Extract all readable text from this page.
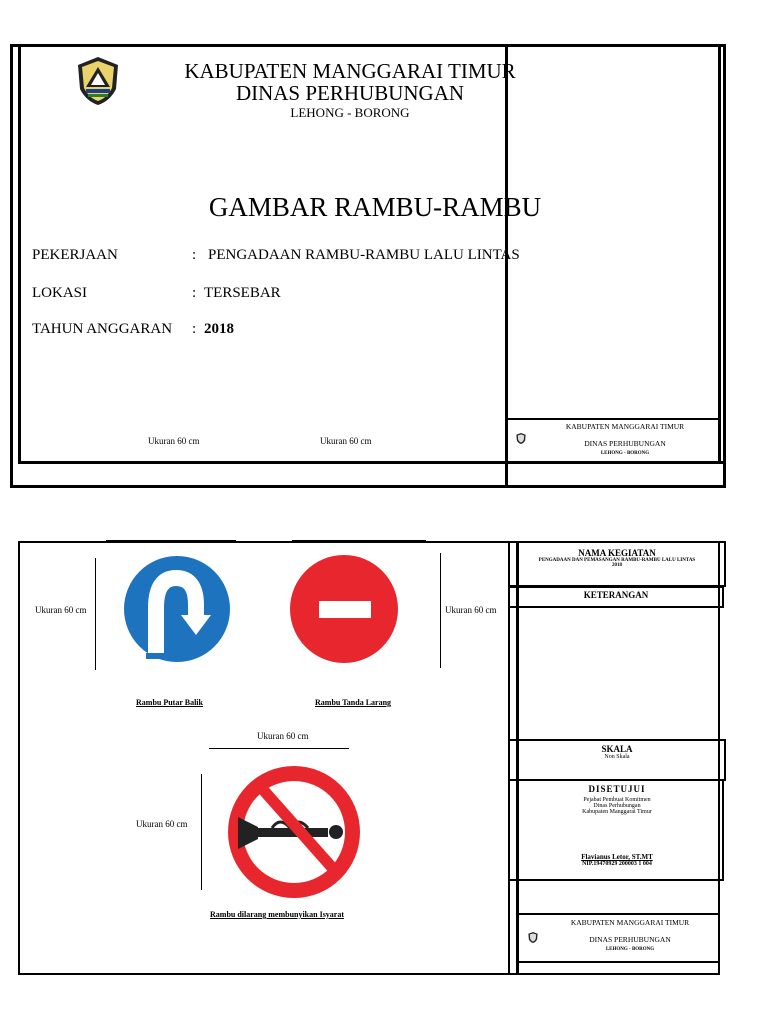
KABUPATEN MANGGARAI TIMUR
DINAS PERHUBUNGAN
LEHONG - BORONG
GAMBAR RAMBU-RAMBU
PEKERJAAN	: PENGADAAN RAMBU-RAMBU LALU LINTAS
LOKASI	: TERSEBAR
TAHUN ANGGARAN : 2018
Ukuran 60 cm	Ukuran 60 cm
KABUPATEN MANGGARAI TIMUR
DINAS PERHUBUNGAN
LEHONG - BORONG
NAMA KEGIATAN
PENGADAAN DAN PEMASANGAN RAMBU-RAMBU LALU LINTAS
2018
KETERANGAN
SKALA
Non Skala
DISETUJUI
Pejabat Pembuat Komitmen
Dinas Perhubungan
Kabupaten Manggarai Timur
Flavianus Letor, ST.MT
NIP.19470929 200003 1 004
KABUPATEN MANGGARAI TIMUR
DINAS PERHUBUNGAN
LEHONG - BORONG
Ukuran 60 cm
Rambu Putar Balik
Ukuran 60 cm
Rambu Tanda Larang
Ukuran 60 cm
Ukuran 60 cm
Rambu dilarang membunyikan Isyarat
